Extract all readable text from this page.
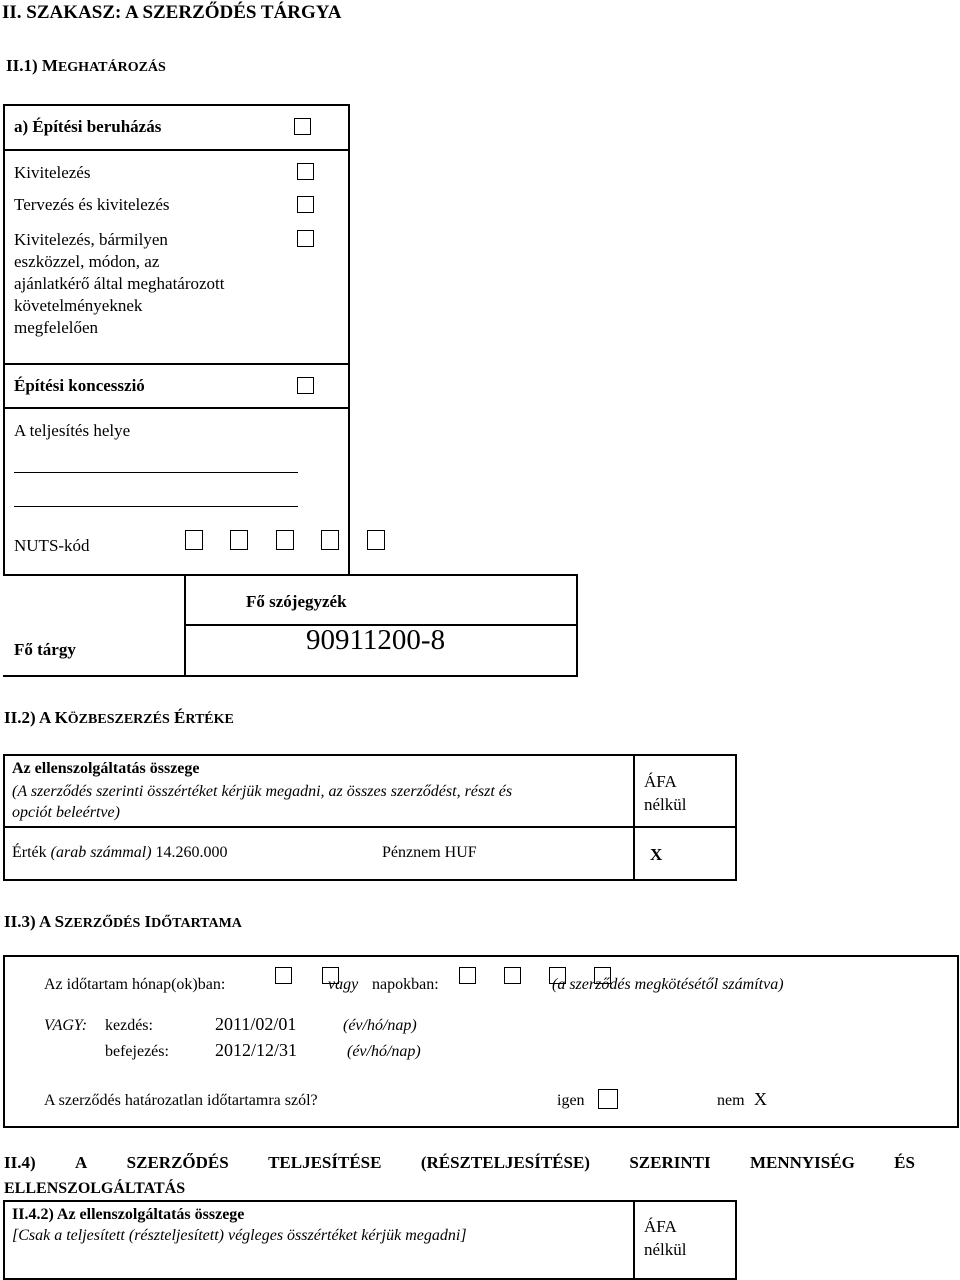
II. SZAKASZ: A SZERZŐDÉS TÁRGYA
II.1) MEGHATÁROZÁS
a) Építési beruházás
Kivitelezés
Tervezés és kivitelezés
Kivitelezés, bármilyen
eszközzel, módon, az
ajánlatkérő által meghatározott
követelményeknek
megfelelően
Építési koncesszió
A teljesítés helye
NUTS-kód
Fő szójegyzék
Fő tárgy	90911200-8
II.2) A KÖZBESZERZÉS ÉRTÉKE
Az ellenszolgáltatás összege
(A szerződés szerinti összértéket kérjük megadni, az összes szerződést, részt és
opciót beleértve)
ÁFA
nélkül
Érték (arab számmal) 14.260.000	Pénznem HUF	X
II.3) A SZERZŐDÉS IDŐTARTAMA
Az időtartam hónap(ok)ban:	vagy napokban:	(a szerződés megkötésétől számítva)
VAGY: kezdés:	2011/02/01	(év/hó/nap)
befejezés:	2012/12/31	(év/hó/nap)
A szerződés határozatlan időtartamra szól?	igen	nem X
II.4) A SZERZŐDÉS TELJESÍTÉSE (RÉSZTELJESÍTÉSE) SZERINTI MENNYISÉG ÉS
ELLENSZOLGÁLTATÁS
II.4.2) Az ellenszolgáltatás összege
[Csak a teljesített (részteljesített) végleges összértéket kérjük megadni]	ÁFA
nélkül
